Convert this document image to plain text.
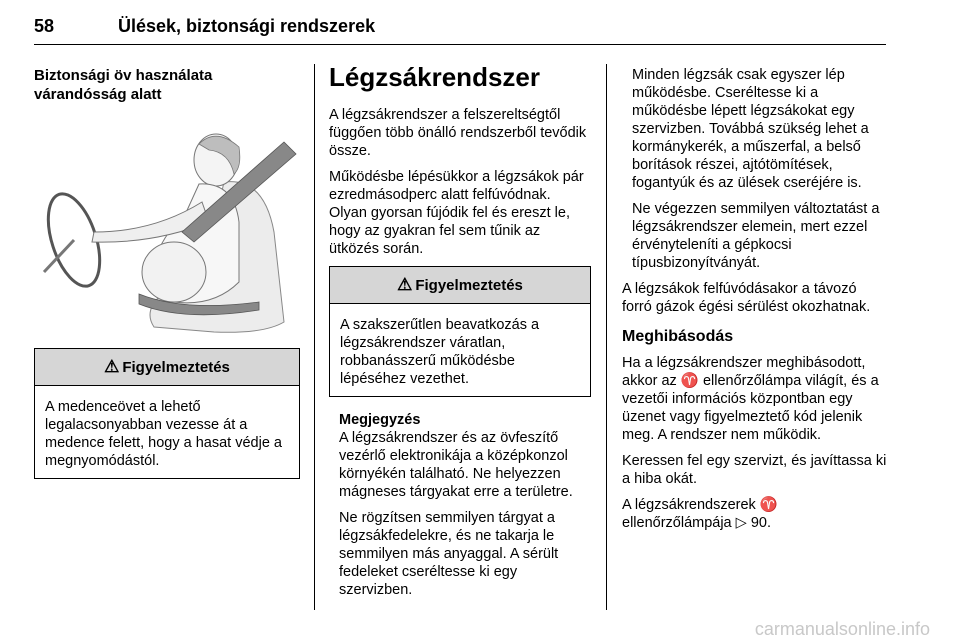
58	Ülések, biztonsági rendszerek
Biztonsági öv használata
várandósság alatt
⚠ Figyelmeztetés

A medenceövet a lehető legalacsonyabban vezesse át a medence felett, hogy a hasat védje a megnyomódástól.

Légzsákrendszer

A légzsákrendszer a felszereltségtől függően több önálló rendszerből tevődik össze.

Működésbe lépésükkor a légzsákok pár ezredmásodperc alatt felfúvódnak. Olyan gyorsan fújódik fel és ereszt le, hogy az gyakran fel sem tűnik az ütközés során.

⚠ Figyelmeztetés

A szakszerűtlen beavatkozás a légzsákrendszer váratlan, robbanásszerű működésbe lépéséhez vezethet.

Megjegyzés

A légzsákrendszer és az övfeszítő vezérlő elektronikája a középkonzol környékén található. Ne helyezzen mágneses tárgyakat erre a területre.

Ne rögzítsen semmilyen tárgyat a légzsákfedelekre, és ne takarja le semmilyen más anyaggal. A sérült fedeleket cseréltesse ki egy szervizben.

Minden légzsák csak egyszer lép működésbe. Cseréltesse ki a működésbe lépett légzsákokat egy szervizben. Továbbá szükség lehet a kormánykerék, a műszerfal, a belső borítások részei, ajtótömítések, fogantyúk és az ülések cseréjére is.

Ne végezzen semmilyen változtatást a légzsákrendszer elemein, mert ezzel érvényteleníti a gépkocsi típusbizonyítványát.

A légzsákok felfúvódásakor a távozó forró gázok égési sérülést okozhatnak.

Meghibásodás

Ha a légzsákrendszer meghibásodott, akkor az ♈ ellenőrzőlámpa világít, és a vezetői információs központban egy üzenet vagy figyelmeztető kód jelenik meg. A rendszer nem működik.

Keressen fel egy szervizt, és javíttassa ki a hiba okát.

A légzsákrendszerek ♈ ellenőrzőlámpája ▷ 90.

carmanualsonline.info
